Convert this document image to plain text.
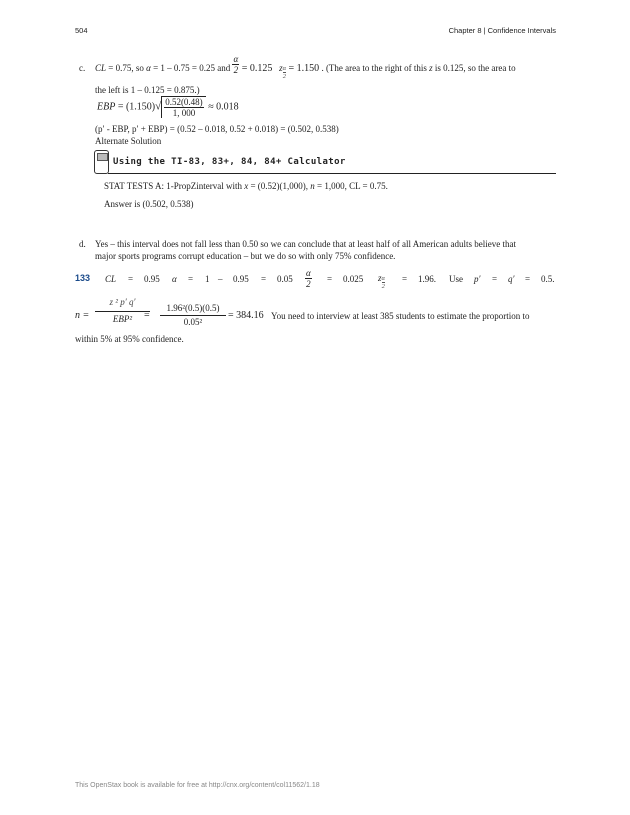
504	Chapter 8 | Confidence Intervals
c. CL = 0.75, so α = 1 – 0.75 = 0.25 and $\frac{\alpha}{2} = 0.125$ $z\frac{\alpha}{2} = 1.150$ . (The area to the right of this z is 0.125, so the area to
the left is 1 – 0.125 = 0.875.)
EBP = $(1.150)√ \frac{0.52(0.48)}{1, 000} \approx 0.018$
(p′ - EBP, p′ + EBP) = (0.52 – 0.018, 0.52 + 0.018) = (0.502, 0.538)
Alternate Solution
Using the TI-83, 83+, 84, 84+ Calculator
STAT TESTS A: 1-PropZinterval with x = (0.52)(1,000), n = 1,000, CL = 0.75.
Answer is (0.502, 0.538)
d. Yes – this interval does not fall less than 0.50 so we can conclude that at least half of all American adults believe that
major sports programs corrupt education – but we do so with only 75% confidence.
133 CL = 0.95 $\alpha = 1 - 0.95 = 0.05 \frac{\alpha}{2} = 0.025$ $z\frac{\alpha}{2} = 1.96$. Use p′ = q′ = 0.5.
n =
z ² p′ q′
EBP²	=
1.96²(0.5)(0.5)
0.05²
= 384.16 You need to interview at least 385 students to estimate the proportion to
within 5% at 95% confidence.
This OpenStax book is available for free at http://cnx.org/content/col11562/1.18
